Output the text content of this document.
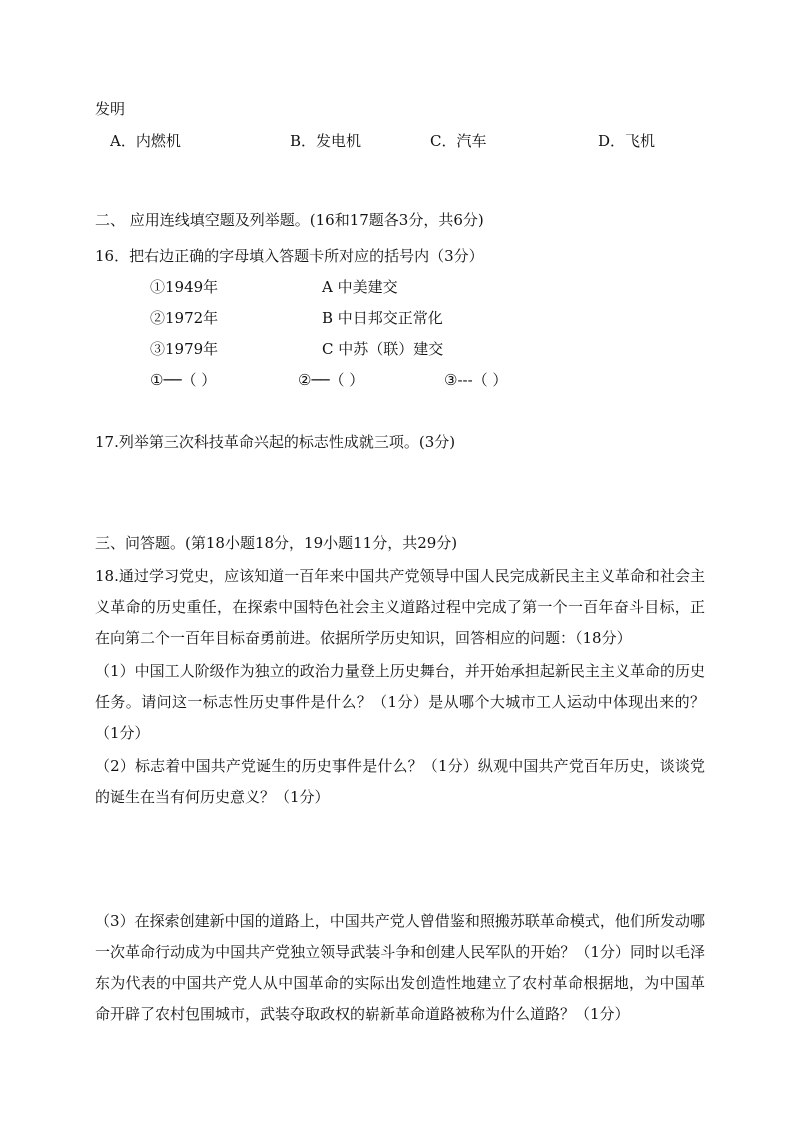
发明
A．内燃机	B．发电机	C．汽车	D．飞机
二、 应用连线填空题及列举题。(16和17题各3分，共6分)
16．把右边正确的字母填入答题卡所对应的括号内（3分）
①1949年	A 中美建交
②1972年	B 中日邦交正常化
③1979年	C 中苏（联）建交
①──（ ）	②──（ ）	③---（ ）
17.列举第三次科技革命兴起的标志性成就三项。(3分)
三、问答题。(第18小题18分，19小题11分，共29分)
18.通过学习党史，应该知道一百年来中国共产党领导中国人民完成新民主主义革命和社会主义革命的历史重任，在探索中国特色社会主义道路过程中完成了第一个一百年奋斗目标，正在向第二个一百年目标奋勇前进。依据所学历史知识，回答相应的问题：（18分）
（1）中国工人阶级作为独立的政治力量登上历史舞台，并开始承担起新民主主义革命的历史任务。请问这一标志性历史事件是什么？（1分）是从哪个大城市工人运动中体现出来的？（1分）
（2）标志着中国共产党诞生的历史事件是什么？（1分）纵观中国共产党百年历史，谈谈党的诞生在当有何历史意义？（1分）
（3）在探索创建新中国的道路上，中国共产党人曾借鉴和照搬苏联革命模式，他们所发动哪一次革命行动成为中国共产党独立领导武装斗争和创建人民军队的开始？（1分）同时以毛泽东为代表的中国共产党人从中国革命的实际出发创造性地建立了农村革命根据地，为中国革命开辟了农村包围城市，武装夺取政权的崭新革命道路被称为什么道路？（1分）
